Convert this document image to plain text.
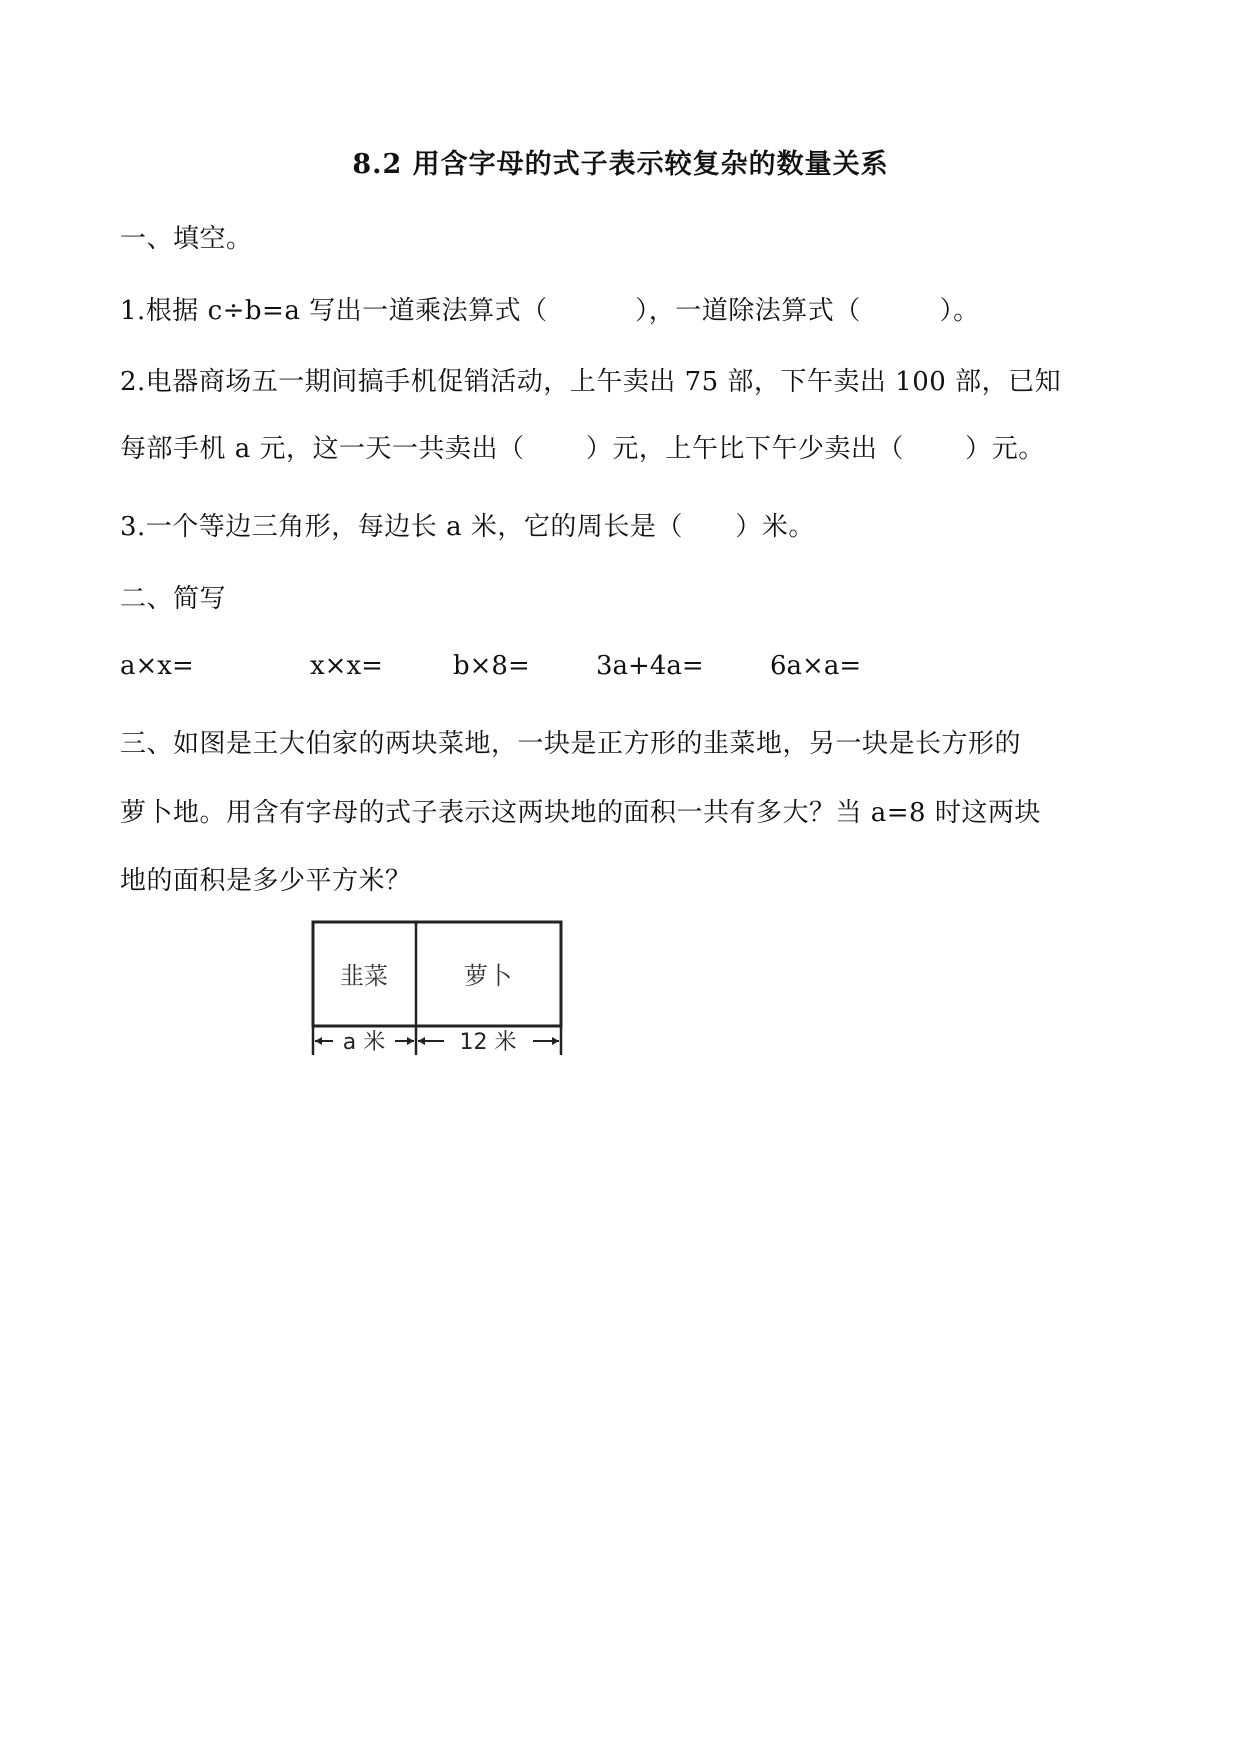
8.2 用含字母的式子表示较复杂的数量关系
一、填空。
1.根据 c÷b=a 写出一道乘法算式（          ），一道除法算式（         ）。
2.电器商场五一期间搞手机促销活动，上午卖出 75 部，下午卖出 100 部，已知
每部手机 a 元，这一天一共卖出（       ）元，上午比下午少卖出（       ）元。
3.一个等边三角形，每边长 a 米，它的周长是（      ）米。
二、简写
a×x=	x×x=	b×8=	3a+4a=	6a×a=
三、如图是王大伯家的两块菜地，一块是正方形的韭菜地，另一块是长方形的
萝卜地。用含有字母的式子表示这两块地的面积一共有多大？当 a=8 时这两块
地的面积是多少平方米？
韭菜	萝卜
a 米	12 米
